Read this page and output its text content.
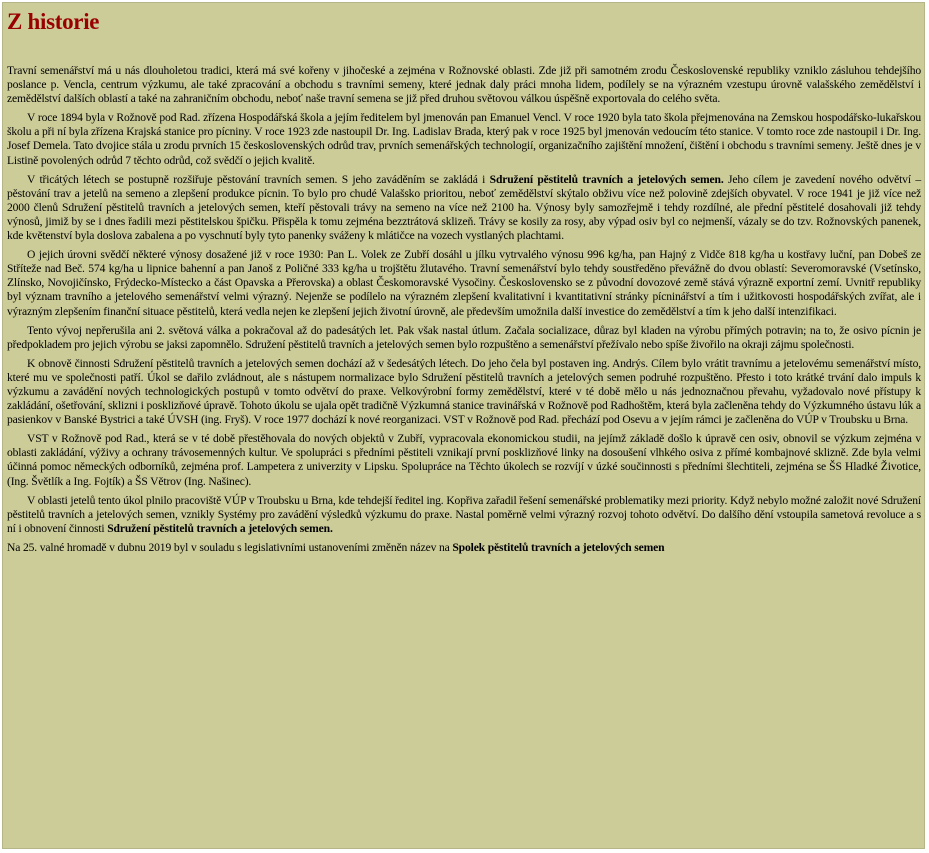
Z historie

Travní semenářství má u nás dlouholetou tradici, která má své kořeny v jihočeské a zejména v Rožnovské oblasti. Zde již při samotném zrodu Československé republiky vzniklo zásluhou tehdejšího poslance p. Vencla, centrum výzkumu, ale také zpracování a obchodu s travními semeny, které jednak daly práci mnoha lidem, podílely se na výrazném vzestupu úrovně valašského zemědělství i zemědělství dalších oblastí a také na zahraničním obchodu, neboť naše travní semena se již před druhou světovou válkou úspěšně exportovala do celého světa.

V roce 1894 byla v Rožnově pod Rad. zřízena Hospodářská škola a jejím ředitelem byl jmenován pan Emanuel Vencl. V roce 1920 byla tato škola přejmenována na Zemskou hospodářsko-lukařskou školu a při ní byla zřízena Krajská stanice pro pícniny. V roce 1923 zde nastoupil Dr. Ing. Ladislav Brada, který pak v roce 1925 byl jmenován vedoucím této stanice. V tomto roce zde nastoupil i Dr. Ing. Josef Demela. Tato dvojice stála u zrodu prvních 15 československých odrůd trav, prvních semenářských technologií, organizačního zajištění množení, čištění i obchodu s travními semeny. Ještě dnes je v Listině povolených odrůd 7 těchto odrůd, což svědčí o jejich kvalitě.

V třicátých létech se postupně rozšiřuje pěstování travních semen. S jeho zaváděním se zakládá i Sdružení pěstitelů travních a jetelových semen. Jeho cílem je zavedení nového odvětví – pěstování trav a jetelů na semeno a zlepšení produkce pícnin. To bylo pro chudé Valašsko prioritou, neboť zemědělství skýtalo obživu více než polovině zdejších obyvatel. V roce 1941 je již více než 2000 členů Sdružení pěstitelů travních a jetelových semen, kteří pěstovali trávy na semeno na více než 2100 ha. Výnosy byly samozřejmě i tehdy rozdílné, ale přední pěstitelé dosahovali již tehdy výnosů, jimiž by se i dnes řadili mezi pěstitelskou špičku. Přispěla k tomu zejména bezztrátová sklizeň. Trávy se kosily za rosy, aby výpad osiv byl co nejmenší, vázaly se do tzv. Rožnovských panenek, kde květenství byla doslova zabalena a po vyschnutí byly tyto panenky sváženy k mlátičce na vozech vystlaných plachtami.

O jejich úrovni svědčí některé výnosy dosažené již v roce 1930: Pan L. Volek ze Zubří dosáhl u jílku vytrvalého výnosu 996 kg/ha, pan Hajný z Vidče 818 kg/ha u kostřavy luční, pan Dobeš ze Stříteže nad Beč. 574 kg/ha u lipnice bahenní a pan Janoš z Poličné 333 kg/ha u trojštětu žlutavého. Travní semenářství bylo tehdy soustředěno převážně do dvou oblastí: Severomoravské (Vsetínsko, Zlínsko, Novojičínsko, Frýdecko-Místecko a část Opavska a Přerovska) a oblast Českomoravské Vysočiny. Československo se z původní dovozové země stává výrazně exportní zemí. Uvnitř republiky byl význam travního a jetelového semenářství velmi výrazný. Nejenže se podílelo na výrazném zlepšení kvalitativní i kvantitativní stránky pícninářství a tím i užitkovosti hospodářských zvířat, ale i výrazným zlepšením finanční situace pěstitelů, která vedla nejen ke zlepšení jejich životní úrovně, ale především umožnila další investice do zemědělství a tím k jeho další intenzifikaci.

Tento vývoj nepřerušila ani 2. světová válka a pokračoval až do padesátých let. Pak však nastal útlum. Začala socializace, důraz byl kladen na výrobu přímých potravin; na to, že osivo pícnin je předpokladem pro jejich výrobu se jaksi zapomnělo. Sdružení pěstitelů travních a jetelových semen bylo rozpuštěno a semenářství přežívalo nebo spíše živořilo na okraji zájmu společnosti.

K obnově činnosti Sdružení pěstitelů travních a jetelových semen dochází až v šedesátých létech. Do jeho čela byl postaven ing. Andrýs. Cílem bylo vrátit travnímu a jetelovému semenářství místo, které mu ve společnosti patří. Úkol se dařilo zvládnout, ale s nástupem normalizace bylo Sdružení pěstitelů travních a jetelových semen podruhé rozpuštěno. Přesto i toto krátké trvání dalo impuls k výzkumu a zavádění nových technologických postupů v tomto odvětví do praxe. Velkovýrobní formy zemědělství, které v té době mělo u nás jednoznačnou převahu, vyžadovalo nové přístupy k zakládání, ošetřování, sklizni i posklizňové úpravě. Tohoto úkolu se ujala opět tradičně Výzkumná stanice travinářská v Rožnově pod Radhoštěm, která byla začleněna tehdy do Výzkumného ústavu lúk a pasienkov v Banské Bystrici a také ÚVSH (ing. Fryš). V roce 1977 dochází k nové reorganizaci. VST v Rožnově pod Rad. přechází pod Osevu a v jejím rámci je začleněna do VÚP v Troubsku u Brna.

VST v Rožnově pod Rad., která se v té době přestěhovala do nových objektů v Zubří, vypracovala ekonomickou studii, na jejímž základě došlo k úpravě cen osiv, obnovil se výzkum zejména v oblasti zakládání, výživy a ochrany trávosemenných kultur. Ve spolupráci s předními pěstiteli vznikají první posklizňové linky na dosoušení vlhkého osiva z přímé kombajnové sklizně. Zde byla velmi účinná pomoc německých odborníků, zejména prof. Lampetera z univerzity v Lipsku. Spolupráce na Těchto úkolech se rozvíjí v úzké součinnosti s předními šlechtiteli, zejména se ŠS Hladké Životice, (Ing. Švětlík a Ing. Fojtík) a ŠS Větrov (Ing. Našinec).

V oblasti jetelů tento úkol plnilo pracoviště VÚP v Troubsku u Brna, kde tehdejší ředitel ing. Kopřiva zařadil řešení semenářské problematiky mezi priority. Když nebylo možné založit nové Sdružení pěstitelů travních a jetelových semen, vznikly Systémy pro zavádění výsledků výzkumu do praxe. Nastal poměrně velmi výrazný rozvoj tohoto odvětví. Do dalšího dění vstoupila sametová revoluce a s ní i obnovení činnosti Sdružení pěstitelů travních a jetelových semen.

Na 25. valné hromadě v dubnu 2019 byl v souladu s legislativními ustanoveními změněn název na Spolek pěstitelů travních a jetelových semen
